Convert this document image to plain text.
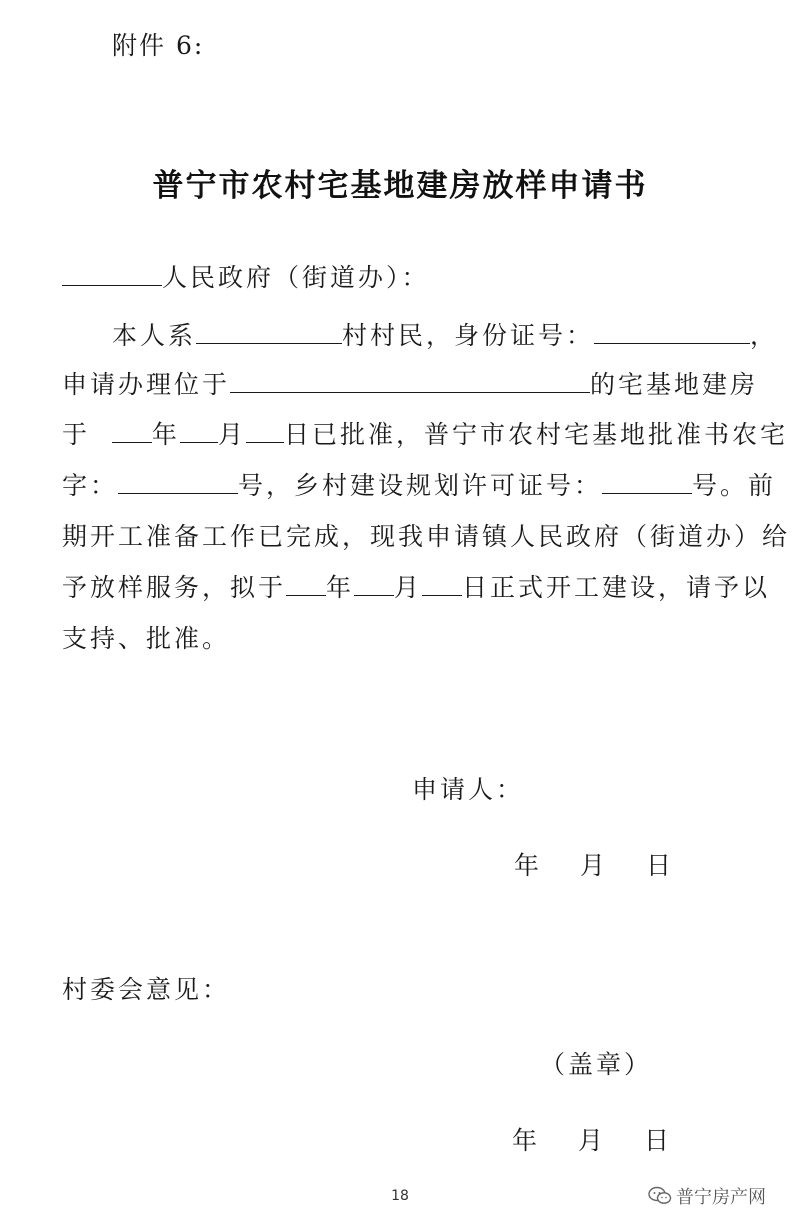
附件 6:
普宁市农村宅基地建房放样申请书
人民政府（街道办）：
本人系	村村民，身份证号：	，
申请办理位于	的宅基地建房
于 年 月 日已批准，普宁市农村宅基地批准书农宅
字：	号，乡村建设规划许可证号：	号。前
期开工准备工作已完成，现我申请镇人民政府（街道办）给
予放样服务，拟于 年 月 日正式开工建设，请予以
支持、批准。
申请人：
年 月 日
村委会意见：
（盖章）
年 月 日
18	普宁房产网
